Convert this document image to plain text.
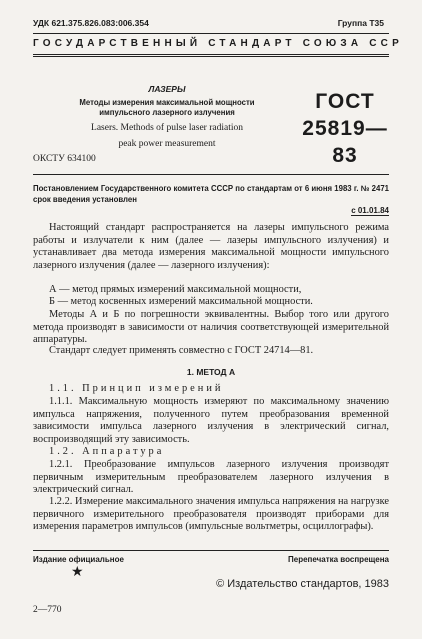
УДК 621.375.826.083:006.354	Группа Т35
ГОСУДАРСТВЕННЫЙ СТАНДАРТ СОЮЗА ССР
ЛАЗЕРЫ
Методы измерения максимальной мощности
импульсного лазерного излучения
Lasers. Methods of pulse laser radiation
peak power measurement
ГОСТ
25819—83
ОКСТУ 634100
Постановлением Государственного комитета СССР по стандартам от 6 июня 1983 г. № 2471 срок введения установлен
с 01.01.84
Настоящий стандарт распространяется на лазеры импульсного режима работы и излучатели к ним (далее — лазеры импульсного излучения) и устанавливает два метода измерения максимальной мощности импульсного лазерного излучения (далее — лазерного излучения):
А — метод прямых измерений максимальной мощности,
Б — метод косвенных измерений максимальной мощности.
Методы А и Б по погрешности эквивалентны. Выбор того или другого метода производят в зависимости от наличия соответствующей измерительной аппаратуры.
Стандарт следует применять совместно с ГОСТ 24714—81.
1. МЕТОД А
1.1. Принцип измерений
1.1.1. Максимальную мощность измеряют по максимальному значению импульса напряжения, полученного путем преобразования временной зависимости импульса лазерного излучения в электрический сигнал, воспроизводящий эту зависимость.
1.2. Аппаратура
1.2.1. Преобразование импульсов лазерного излучения производят первичным измерительным преобразователем лазерного излучения в электрический сигнал.
1.2.2. Измерение максимального значения импульса напряжения на нагрузке первичного измерительного преобразователя производят приборами для измерения параметров импульсов (импульсные вольтметры, осциллографы).
Издание официальное	Перепечатка воспрещена
★
© Издательство стандартов, 1983
2—770
